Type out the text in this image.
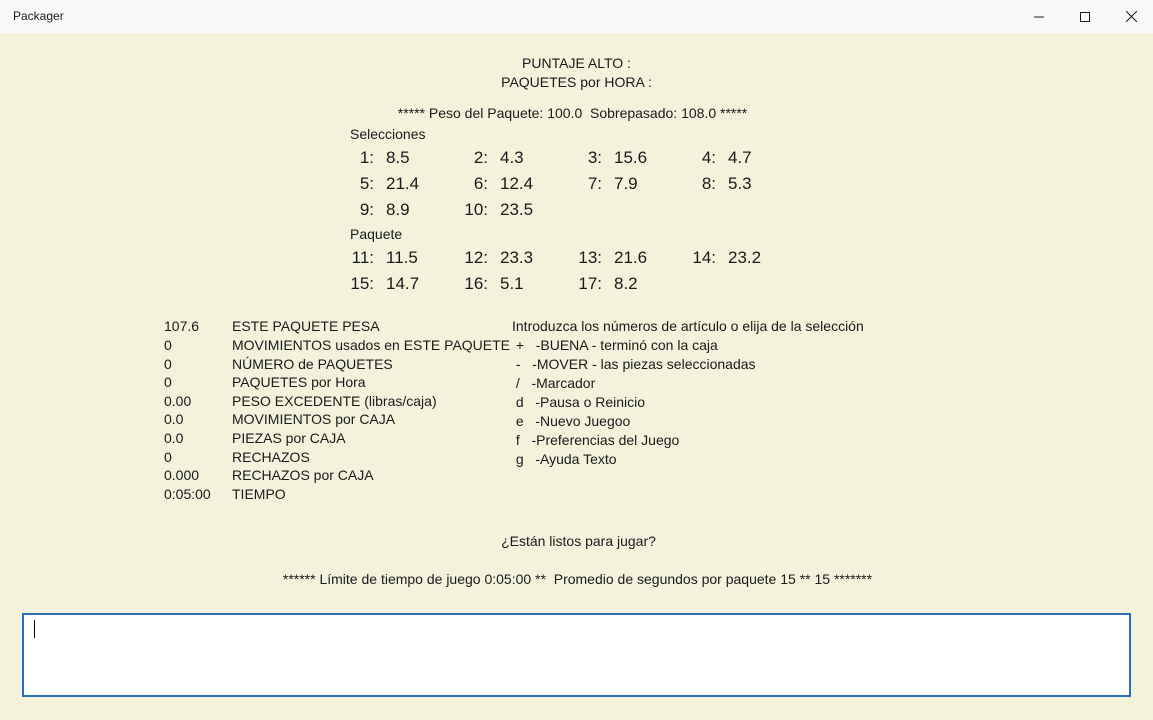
Packager
PUNTAJE ALTO :
PAQUETES por HORA :
***** Peso del Paquete: 100.0  Sobrepasado: 108.0 *****
Selecciones
1: 8.5	2: 4.3	3: 15.6	4: 4.7
5: 21.4	6: 12.4	7: 7.9	8: 5.3
9: 8.9	10: 23.5
Paquete
11: 11.5	12: 23.3	13: 21.6	14: 23.2
15: 14.7	16: 5.1	17: 8.2
107.6 ESTE PAQUETE PESA
0	MOVIMIENTOS usados en ESTE PAQUETE
0	NÚMERO de PAQUETES
0	PAQUETES por Hora
0.00	PESO EXCEDENTE (libras/caja)
0.0	MOVIMIENTOS por CAJA
0.0	PIEZAS por CAJA
0	RECHAZOS
0.000 RECHAZOS por CAJA
0:05:00 TIEMPO
Introduzca los números de artículo o elija de la selección
+   -BUENA - terminó con la caja
-   -MOVER - las piezas seleccionadas
/   -Marcador
d   -Pausa o Reinicio
e   -Nuevo Juegoo
f   -Preferencias del Juego
g   -Ayuda Texto
¿Están listos para jugar?
****** Límite de tiempo de juego 0:05:00 **  Promedio de segundos por paquete 15 ** 15 *******
